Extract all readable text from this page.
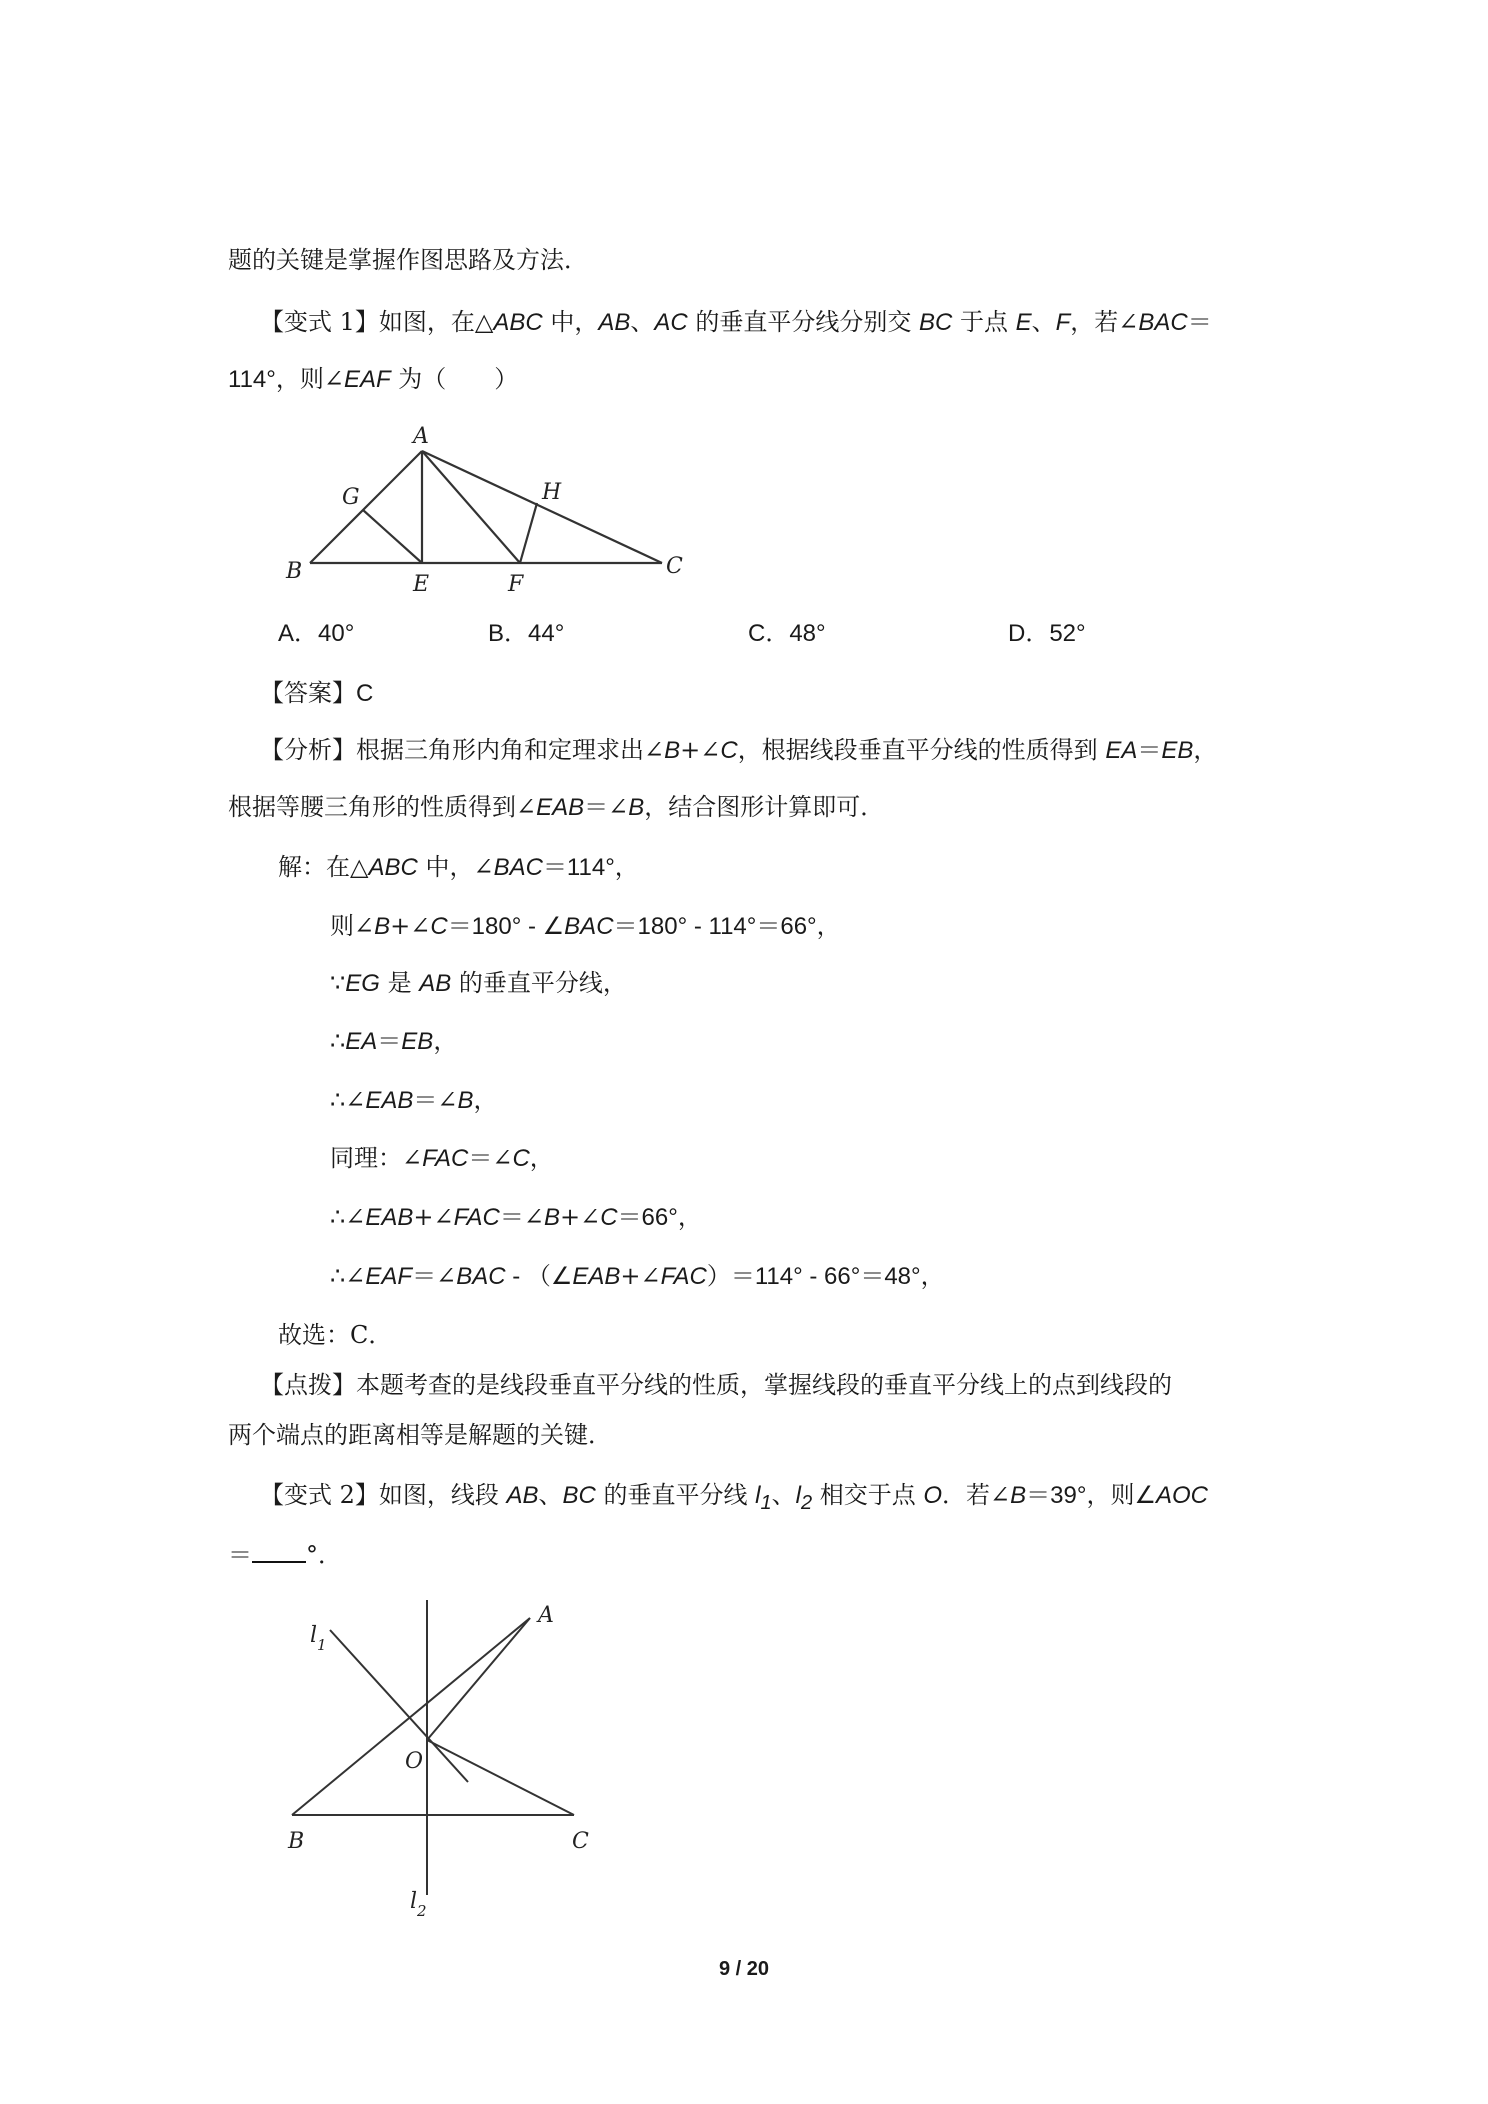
题的关键是掌握作图思路及方法．

【变式 1】如图，在△ABC 中，AB、AC 的垂直平分线分别交 BC 于点 E、F，若∠BAC＝

114°，则∠EAF 为（　　）

A
B	C
E	F
G	H
A．40°	B．44°	C．48°	D．52°

【答案】C

【分析】根据三角形内角和定理求出∠B+∠C，根据线段垂直平分线的性质得到 EA＝EB，

根据等腰三角形的性质得到∠EAB＝∠B，结合图形计算即可．

解：在△ABC 中，∠BAC＝114°，

则∠B+∠C＝180° ‑ ∠BAC＝180° ‑ 114°＝66°，

∵EG 是 AB 的垂直平分线，

∴EA＝EB，

∴∠EAB＝∠B，

同理：∠FAC＝∠C，

∴∠EAB+∠FAC＝∠B+∠C＝66°，

∴∠EAF＝∠BAC ‑ （∠EAB+∠FAC）＝114° ‑ 66°＝48°，

故选：C．

【点拨】本题考查的是线段垂直平分线的性质，掌握线段的垂直平分线上的点到线段的

两个端点的距离相等是解题的关键．

【变式 2】如图，线段 AB、BC 的垂直平分线 $l_1$、$l_2$ 相交于点 O．若∠B＝39°，则∠AOC

＝ °．

A
B	C
O
$l_1$
$l_2$
9 / 20
